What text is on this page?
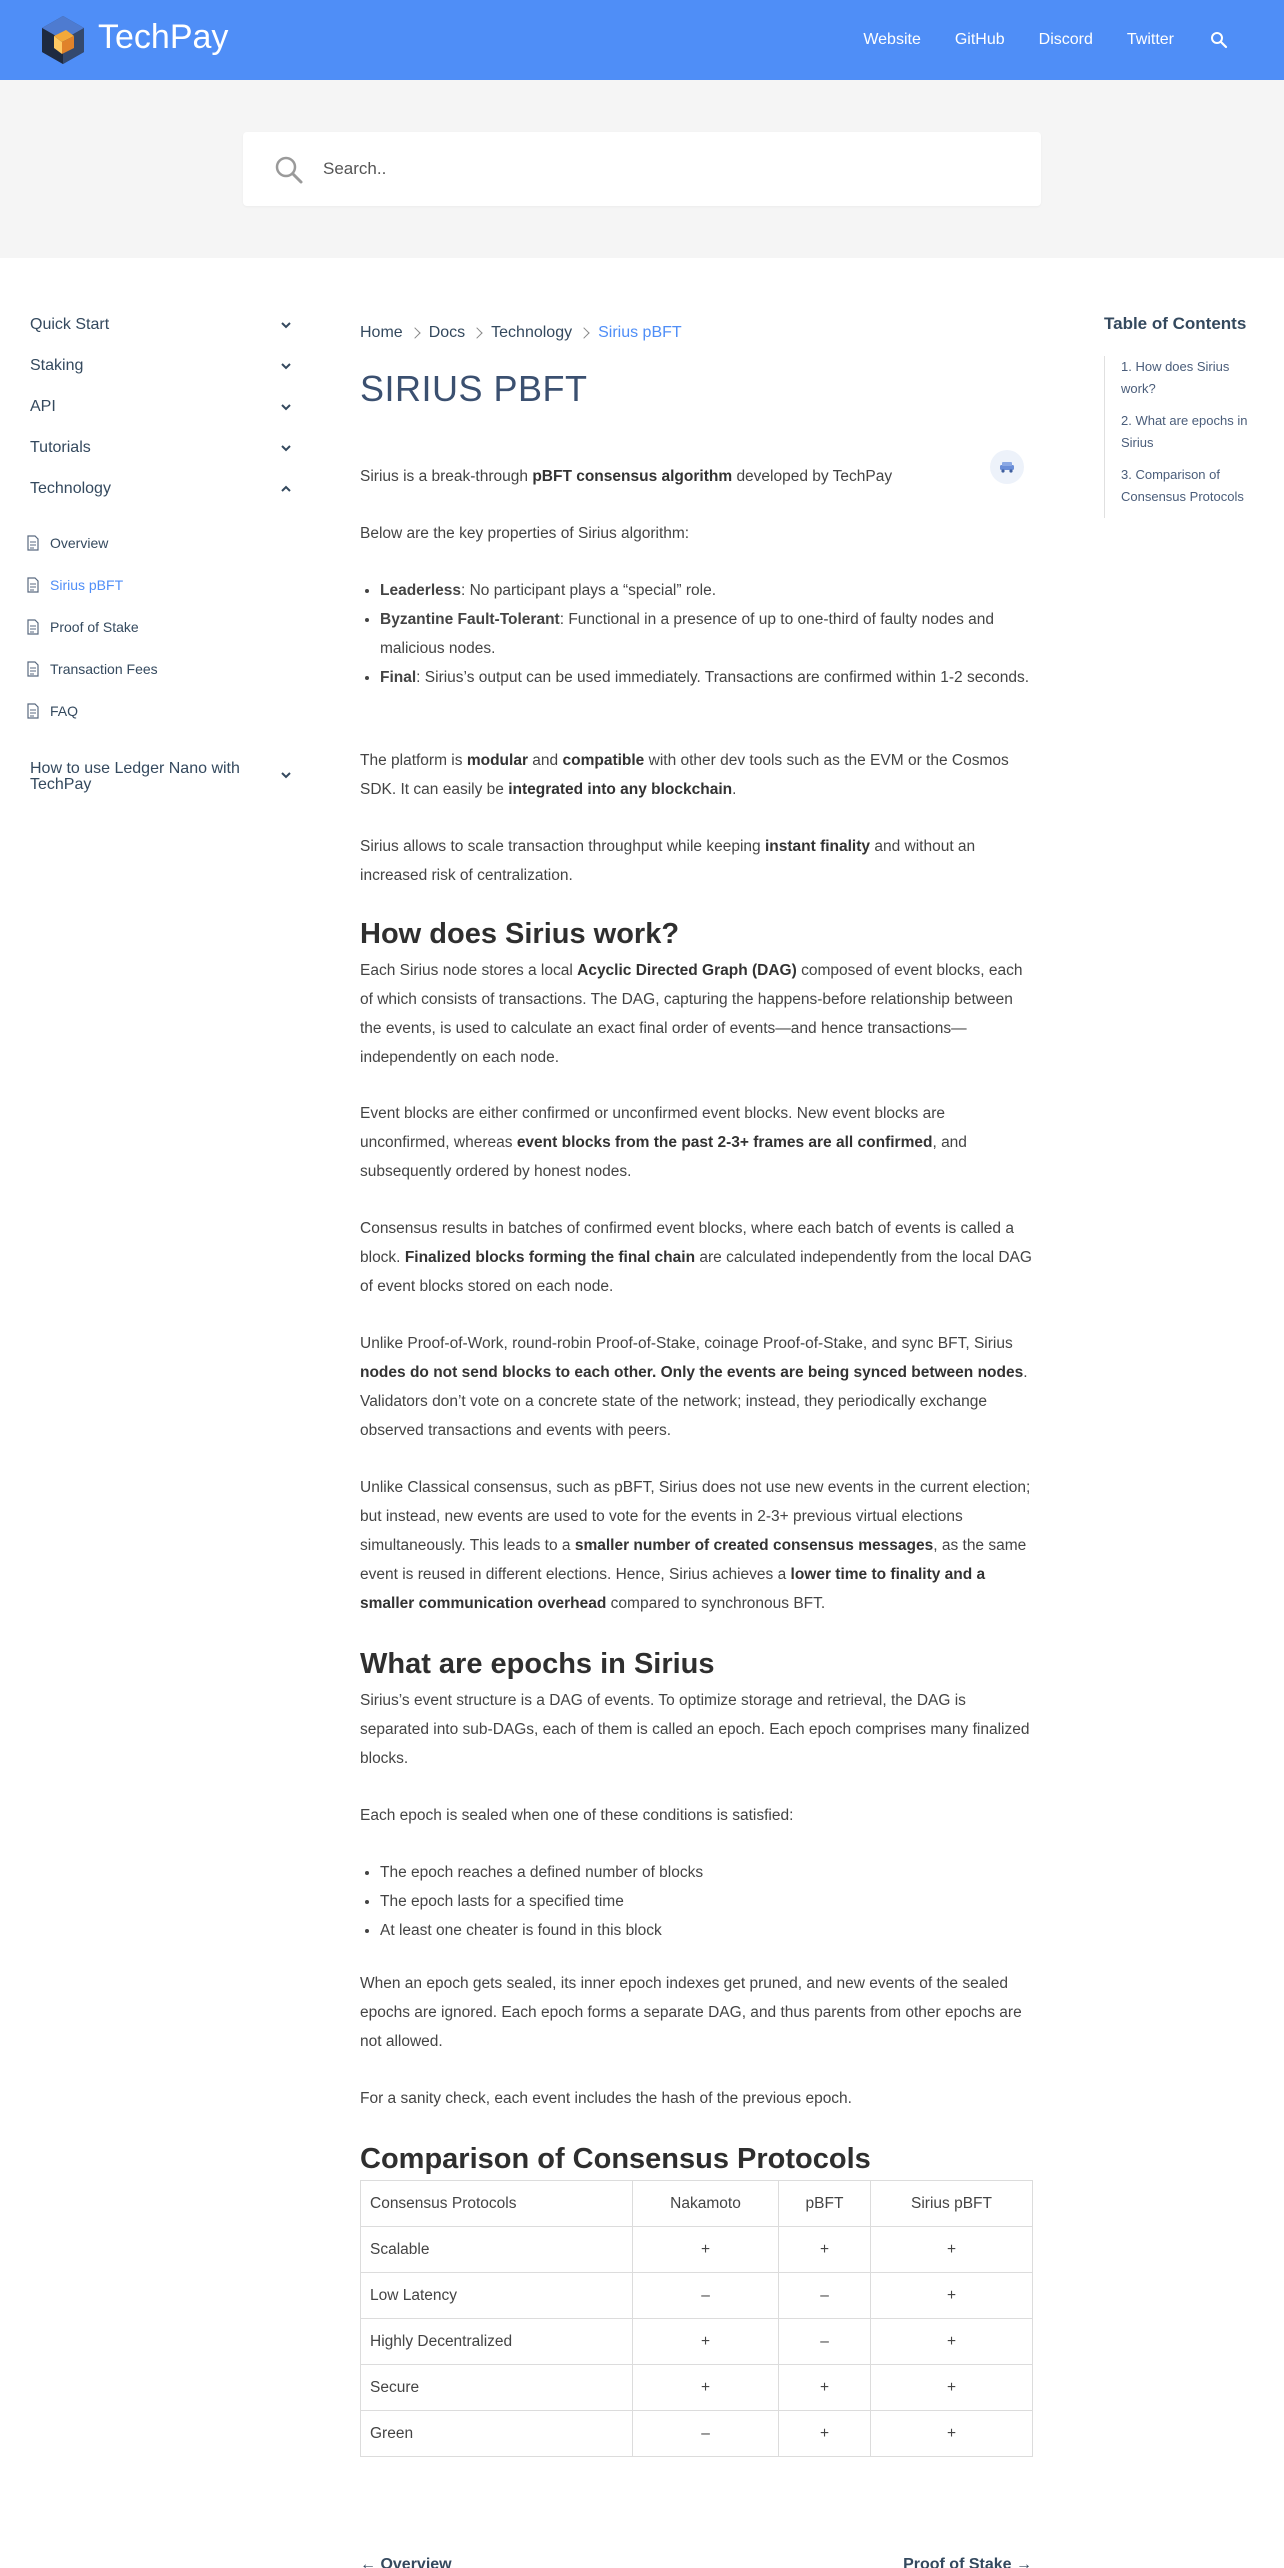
TechPay	Website GitHub Discord Twitter
Search..
Quick Start
Staking
API
Tutorials
Technology
Overview
Sirius pBFT
Proof of Stake
Transaction Fees
FAQ
How to use Ledger Nano with TechPay
Home Docs Technology Sirius pBFT
SIRIUS PBFT
Sirius is a break-through pBFT consensus algorithm developed by TechPay
Below are the key properties of Sirius algorithm:
• Leaderless: No participant plays a “special” role.
• Byzantine Fault-Tolerant: Functional in a presence of up to one-third of faulty nodes and malicious nodes.
• Final: Sirius’s output can be used immediately. Transactions are confirmed within 1-2 seconds.
The platform is modular and compatible with other dev tools such as the EVM or the Cosmos SDK. It can easily be integrated into any blockchain.
Sirius allows to scale transaction throughput while keeping instant finality and without an increased risk of centralization.
How does Sirius work?
Each Sirius node stores a local Acyclic Directed Graph (DAG) composed of event blocks, each of which consists of transactions. The DAG, capturing the happens-before relationship between the events, is used to calculate an exact final order of events—and hence transactions—independently on each node.
Event blocks are either confirmed or unconfirmed event blocks. New event blocks are unconfirmed, whereas event blocks from the past 2-3+ frames are all confirmed, and subsequently ordered by honest nodes.
Consensus results in batches of confirmed event blocks, where each batch of events is called a block. Finalized blocks forming the final chain are calculated independently from the local DAG of event blocks stored on each node.
Unlike Proof-of-Work, round-robin Proof-of-Stake, coinage Proof-of-Stake, and sync BFT, Sirius nodes do not send blocks to each other. Only the events are being synced between nodes. Validators don’t vote on a concrete state of the network; instead, they periodically exchange observed transactions and events with peers.
Unlike Classical consensus, such as pBFT, Sirius does not use new events in the current election; but instead, new events are used to vote for the events in 2-3+ previous virtual elections simultaneously. This leads to a smaller number of created consensus messages, as the same event is reused in different elections. Hence, Sirius achieves a lower time to finality and a smaller communication overhead compared to synchronous BFT.
What are epochs in Sirius
Sirius’s event structure is a DAG of events. To optimize storage and retrieval, the DAG is separated into sub-DAGs, each of them is called an epoch. Each epoch comprises many finalized blocks.
Each epoch is sealed when one of these conditions is satisfied:
• The epoch reaches a defined number of blocks
• The epoch lasts for a specified time
• At least one cheater is found in this block
When an epoch gets sealed, its inner epoch indexes get pruned, and new events of the sealed epochs are ignored. Each epoch forms a separate DAG, and thus parents from other epochs are not allowed.
For a sanity check, each event includes the hash of the previous epoch.
Comparison of Consensus Protocols
Consensus Protocols	Nakamoto	pBFT	Sirius pBFT
Scalable	+	+	+
Low Latency	–	–	+
Highly Decentralized	+	–	+
Secure	+	+	+
Green	–	+	+
← Overview	Proof of Stake →
Table of Contents
1. How does Sirius work?
2. What are epochs in Sirius
3. Comparison of Consensus Protocols
